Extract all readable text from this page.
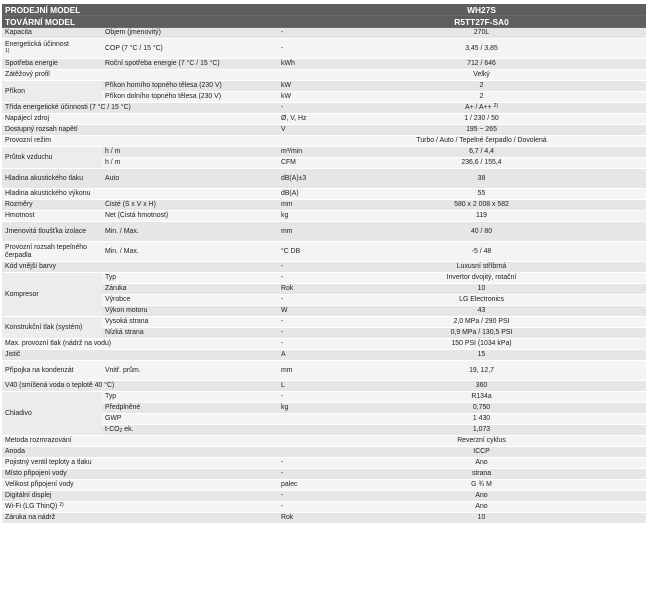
PRODEJNÍ MODEL			WH27S
TOVÁRNÍ MODEL			R5TT27F-SA0
Kapacita	Objem (jmenovitý)	-	270L
Energetická účinnost
$^{1)}$	COP (7 °C / 15 °C)	-	3,45 / 3,85
Spotřeba energie	Roční spotřeba energie (7 °C / 15 °C)	kWh	712 / 646
Zátěžový profil			Velký
Příkon	Příkon horního topného tělesa (230 V)	kW	2
	Příkon dolního topného tělesa (230 V)	kW	2
Třída energetické účinnosti (7 °C / 15 °C)		-	A+ / A++ $^{2)}$
Napájecí zdroj		Ø, V, Hz	1 / 230 / 50
Dostupný rozsah napětí		V	195 ~ 265
Provozní režim			Turbo / Auto / Tepelné čerpadlo / Dovolená
Průtok vzduchu	h / m	m³/min	6,7 / 4,4
	h / m	CFM	236,6 / 155,4
Hladina akustického tlaku	Auto	dB(A)±3	38
Hladina akustického výkonu		dB(A)	55
Rozměry	Čisté (Š x V x H)	mm	580 x 2 008 x 582
Hmotnost	Net (Čistá hmotnost)	kg	119
Jmenovitá tloušťka izolace	Min. / Max.	mm	40 / 80
Provozní rozsah tepelného čerpadla	Min. / Max.	°C DB	-5 / 48
Kód vnější barvy		-	Luxusní stříbrná
Kompresor	Typ	-	Invertor dvojitý, rotační
	Záruka	Rok	10
	Výrobce	-	LG Electronics
	Výkon motoru	W	43
Konstrukční tlak (systém)	Vysoká strana	-	2,0 MPa / 290 PSI
	Nízká strana	-	0,9 MPa / 130,5 PSI
Max. provozní tlak (nádrž na vodu)		-	150 PSI (1034 kPa)
Jistič		A	15
Přípojka na kondenzát	Vnitř. prům.	mm	19, 12,7
V40 (smíšená voda o teplotě 40 °C)		L	360
Chladivo	Typ	-	R134a
	Předplněné	kg	0,750
	GWP		1 430
	$t-CO_2$ ek.		1,073
Metoda rozmrazování			Reverzní cyklus
Anoda			ICCP
Pojistný ventil teploty a tlaku		-	Ano
Místo připojení vody		-	strana
Velikost připojení vody		palec	G ¾ M
Digitální displej		-	Ano
Wi-Fi (LG ThinQ) $^{2)}$		-	Ano
Záruka na nádrž		Rok	10
